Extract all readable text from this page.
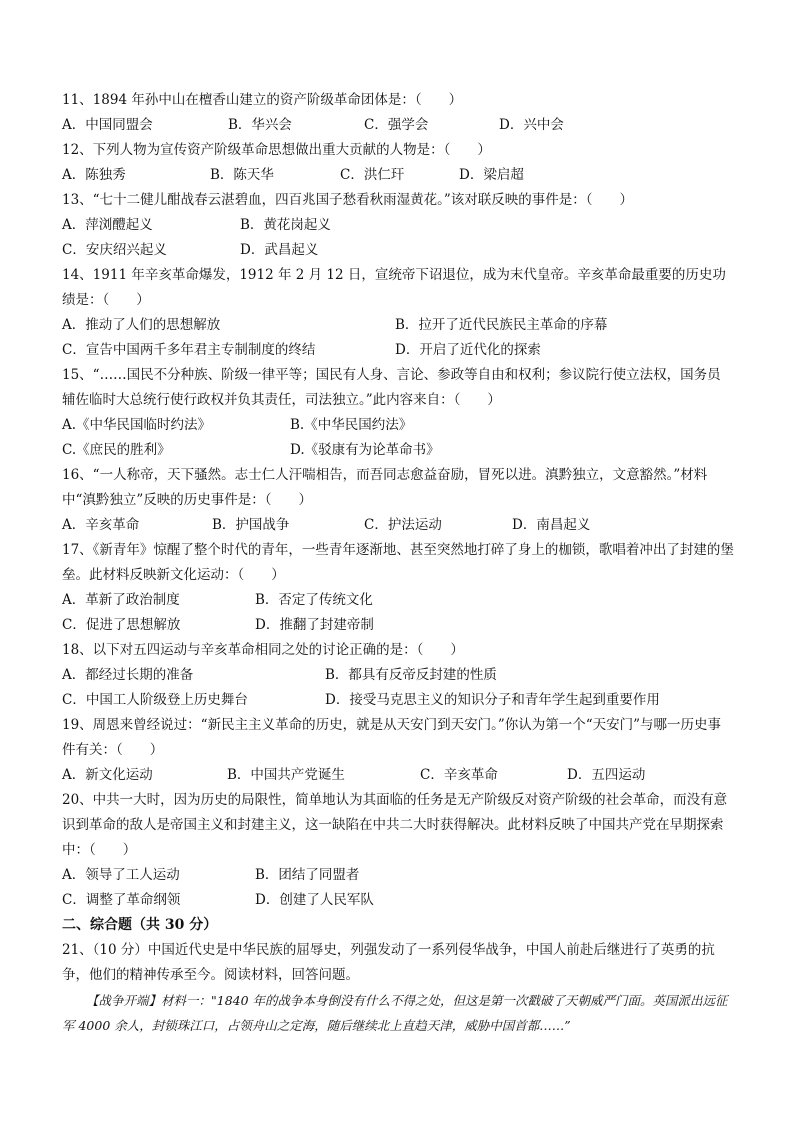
11、1894 年孙中山在檀香山建立的资产阶级革命团体是：（　　）
A．中国同盟会	B．华兴会	C．强学会	D．兴中会
12、下列人物为宣传资产阶级革命思想做出重大贡献的人物是：（　　）
A．陈独秀	B．陈天华	C．洪仁玕	D．梁启超
13、“七十二健儿酣战春云湛碧血，四百兆国子愁看秋雨湿黄花。”该对联反映的事件是：（　　）
A．萍浏醴起义	B．黄花岗起义
C．安庆绍兴起义	D．武昌起义
14、1911 年辛亥革命爆发，1912 年 2 月 12 日，宣统帝下诏退位，成为末代皇帝。辛亥革命最重要的历史功绩是：（　　）
A．推动了人们的思想解放	B．拉开了近代民族民主革命的序幕
C．宣告中国两千多年君主专制制度的终结	D．开启了近代化的探索
15、“……国民不分种族、阶级一律平等；国民有人身、言论、参政等自由和权利；参议院行使立法权，国务员辅佐临时大总统行使行政权并负其责任，司法独立。”此内容来自：（　　）
A.《中华民国临时约法》	B.《中华民国约法》
C.《庶民的胜利》	D.《驳康有为论革命书》
16、“一人称帝，天下骚然。志士仁人汗喘相告，而吾同志愈益奋励，冒死以进。滇黔独立，文意豁然。”材料中“滇黔独立”反映的历史事件是：（　　）
A．辛亥革命	B．护国战争	C．护法运动	D．南昌起义
17、《新青年》惊醒了整个时代的青年，一些青年逐渐地、甚至突然地打碎了身上的枷锁，歌唱着冲出了封建的堡垒。此材料反映新文化运动：（　　）
A．革新了政治制度	B．否定了传统文化
C．促进了思想解放	D．推翻了封建帝制
18、以下对五四运动与辛亥革命相同之处的讨论正确的是：（　　）
A．都经过长期的准备	B．都具有反帝反封建的性质
C．中国工人阶级登上历史舞台	D．接受马克思主义的知识分子和青年学生起到重要作用
19、周恩来曾经说过：“新民主主义革命的历史，就是从天安门到天安门。”你认为第一个“天安门”与哪一历史事件有关：（　　）
A．新文化运动	B．中国共产党诞生	C．辛亥革命	D．五四运动
20、中共一大时，因为历史的局限性，简单地认为其面临的任务是无产阶级反对资产阶级的社会革命，而没有意识到革命的敌人是帝国主义和封建主义，这一缺陷在中共二大时获得解决。此材料反映了中国共产党在早期探索中：（　　）
A．领导了工人运动	B．团结了同盟者
C．调整了革命纲领	D．创建了人民军队
二、综合题（共 30 分）
21、（10 分）中国近代史是中华民族的屈辱史，列强发动了一系列侵华战争，中国人前赴后继进行了英勇的抗争，他们的精神传承至今。阅读材料，回答问题。
【战争开端】材料一："1840 年的战争本身倒没有什么不得之处，但这是第一次戳破了天朝威严门面。英国派出远征军 4000 余人，封锁珠江口，占领舟山之定海，随后继续北上直趋天津，威胁中国首都……”
